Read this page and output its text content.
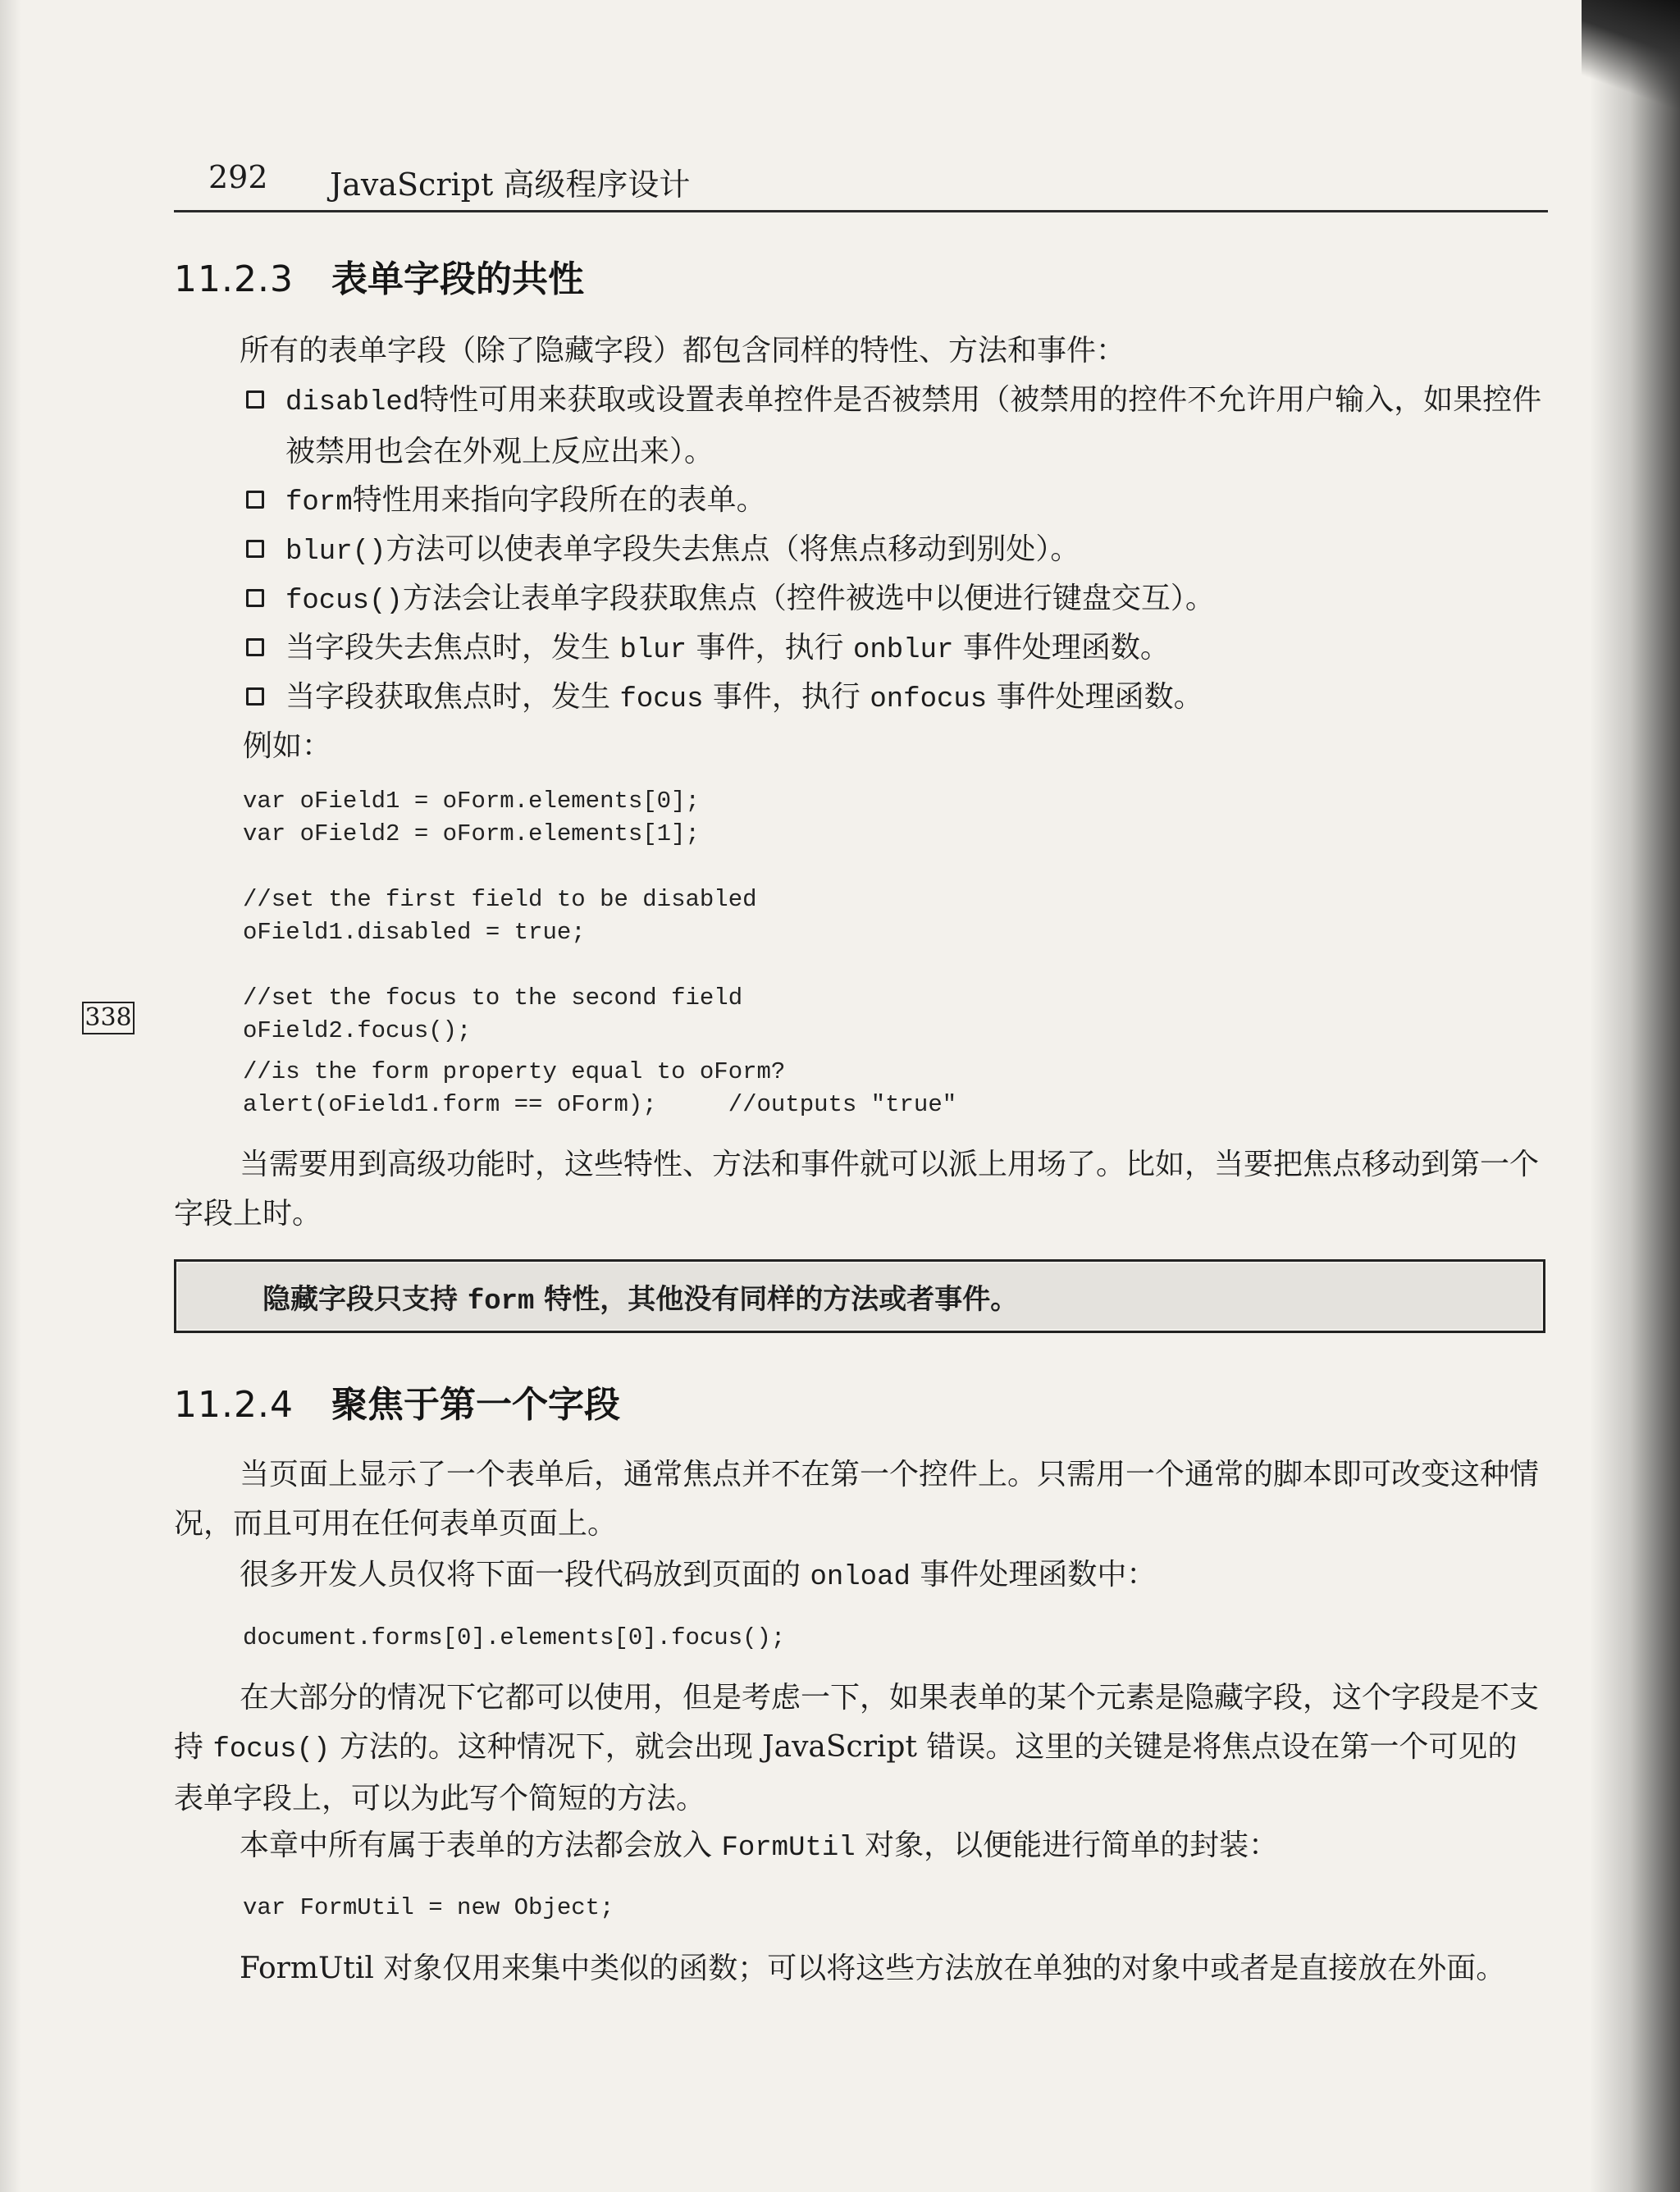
292 JavaScript 高级程序设计
11.2.3 表单字段的共性
所有的表单字段（除了隐藏字段）都包含同样的特性、方法和事件：
disabled特性可用来获取或设置表单控件是否被禁用（被禁用的控件不允许用户输入，如果控件被禁用也会在外观上反应出来）。
form特性用来指向字段所在的表单。
blur()方法可以使表单字段失去焦点（将焦点移动到别处）。
focus()方法会让表单字段获取焦点（控件被选中以便进行键盘交互）。
当字段失去焦点时，发生 blur 事件，执行 onblur 事件处理函数。
当字段获取焦点时，发生 focus 事件，执行 onfocus 事件处理函数。
例如：
var oField1 = oForm.elements[0];
var oField2 = oForm.elements[1];
//set the first field to be disabled
oField1.disabled = true;
//set the focus to the second field
oField2.focus();
//is the form property equal to oForm?
alert(oField1.form == oForm);     //outputs "true"
338
当需要用到高级功能时，这些特性、方法和事件就可以派上用场了。比如，当要把焦点移动到第一个字段上时。
隐藏字段只支持 form 特性，其他没有同样的方法或者事件。
11.2.4 聚焦于第一个字段
当页面上显示了一个表单后，通常焦点并不在第一个控件上。只需用一个通常的脚本即可改变这种情况，而且可用在任何表单页面上。
很多开发人员仅将下面一段代码放到页面的 onload 事件处理函数中：
document.forms[0].elements[0].focus();
在大部分的情况下它都可以使用，但是考虑一下，如果表单的某个元素是隐藏字段，这个字段是不支持 focus() 方法的。这种情况下，就会出现 JavaScript 错误。这里的关键是将焦点设在第一个可见的表单字段上，可以为此写个简短的方法。
本章中所有属于表单的方法都会放入 FormUtil 对象，以便能进行简单的封装：
var FormUtil = new Object;
FormUtil 对象仅用来集中类似的函数；可以将这些方法放在单独的对象中或者是直接放在外面。
